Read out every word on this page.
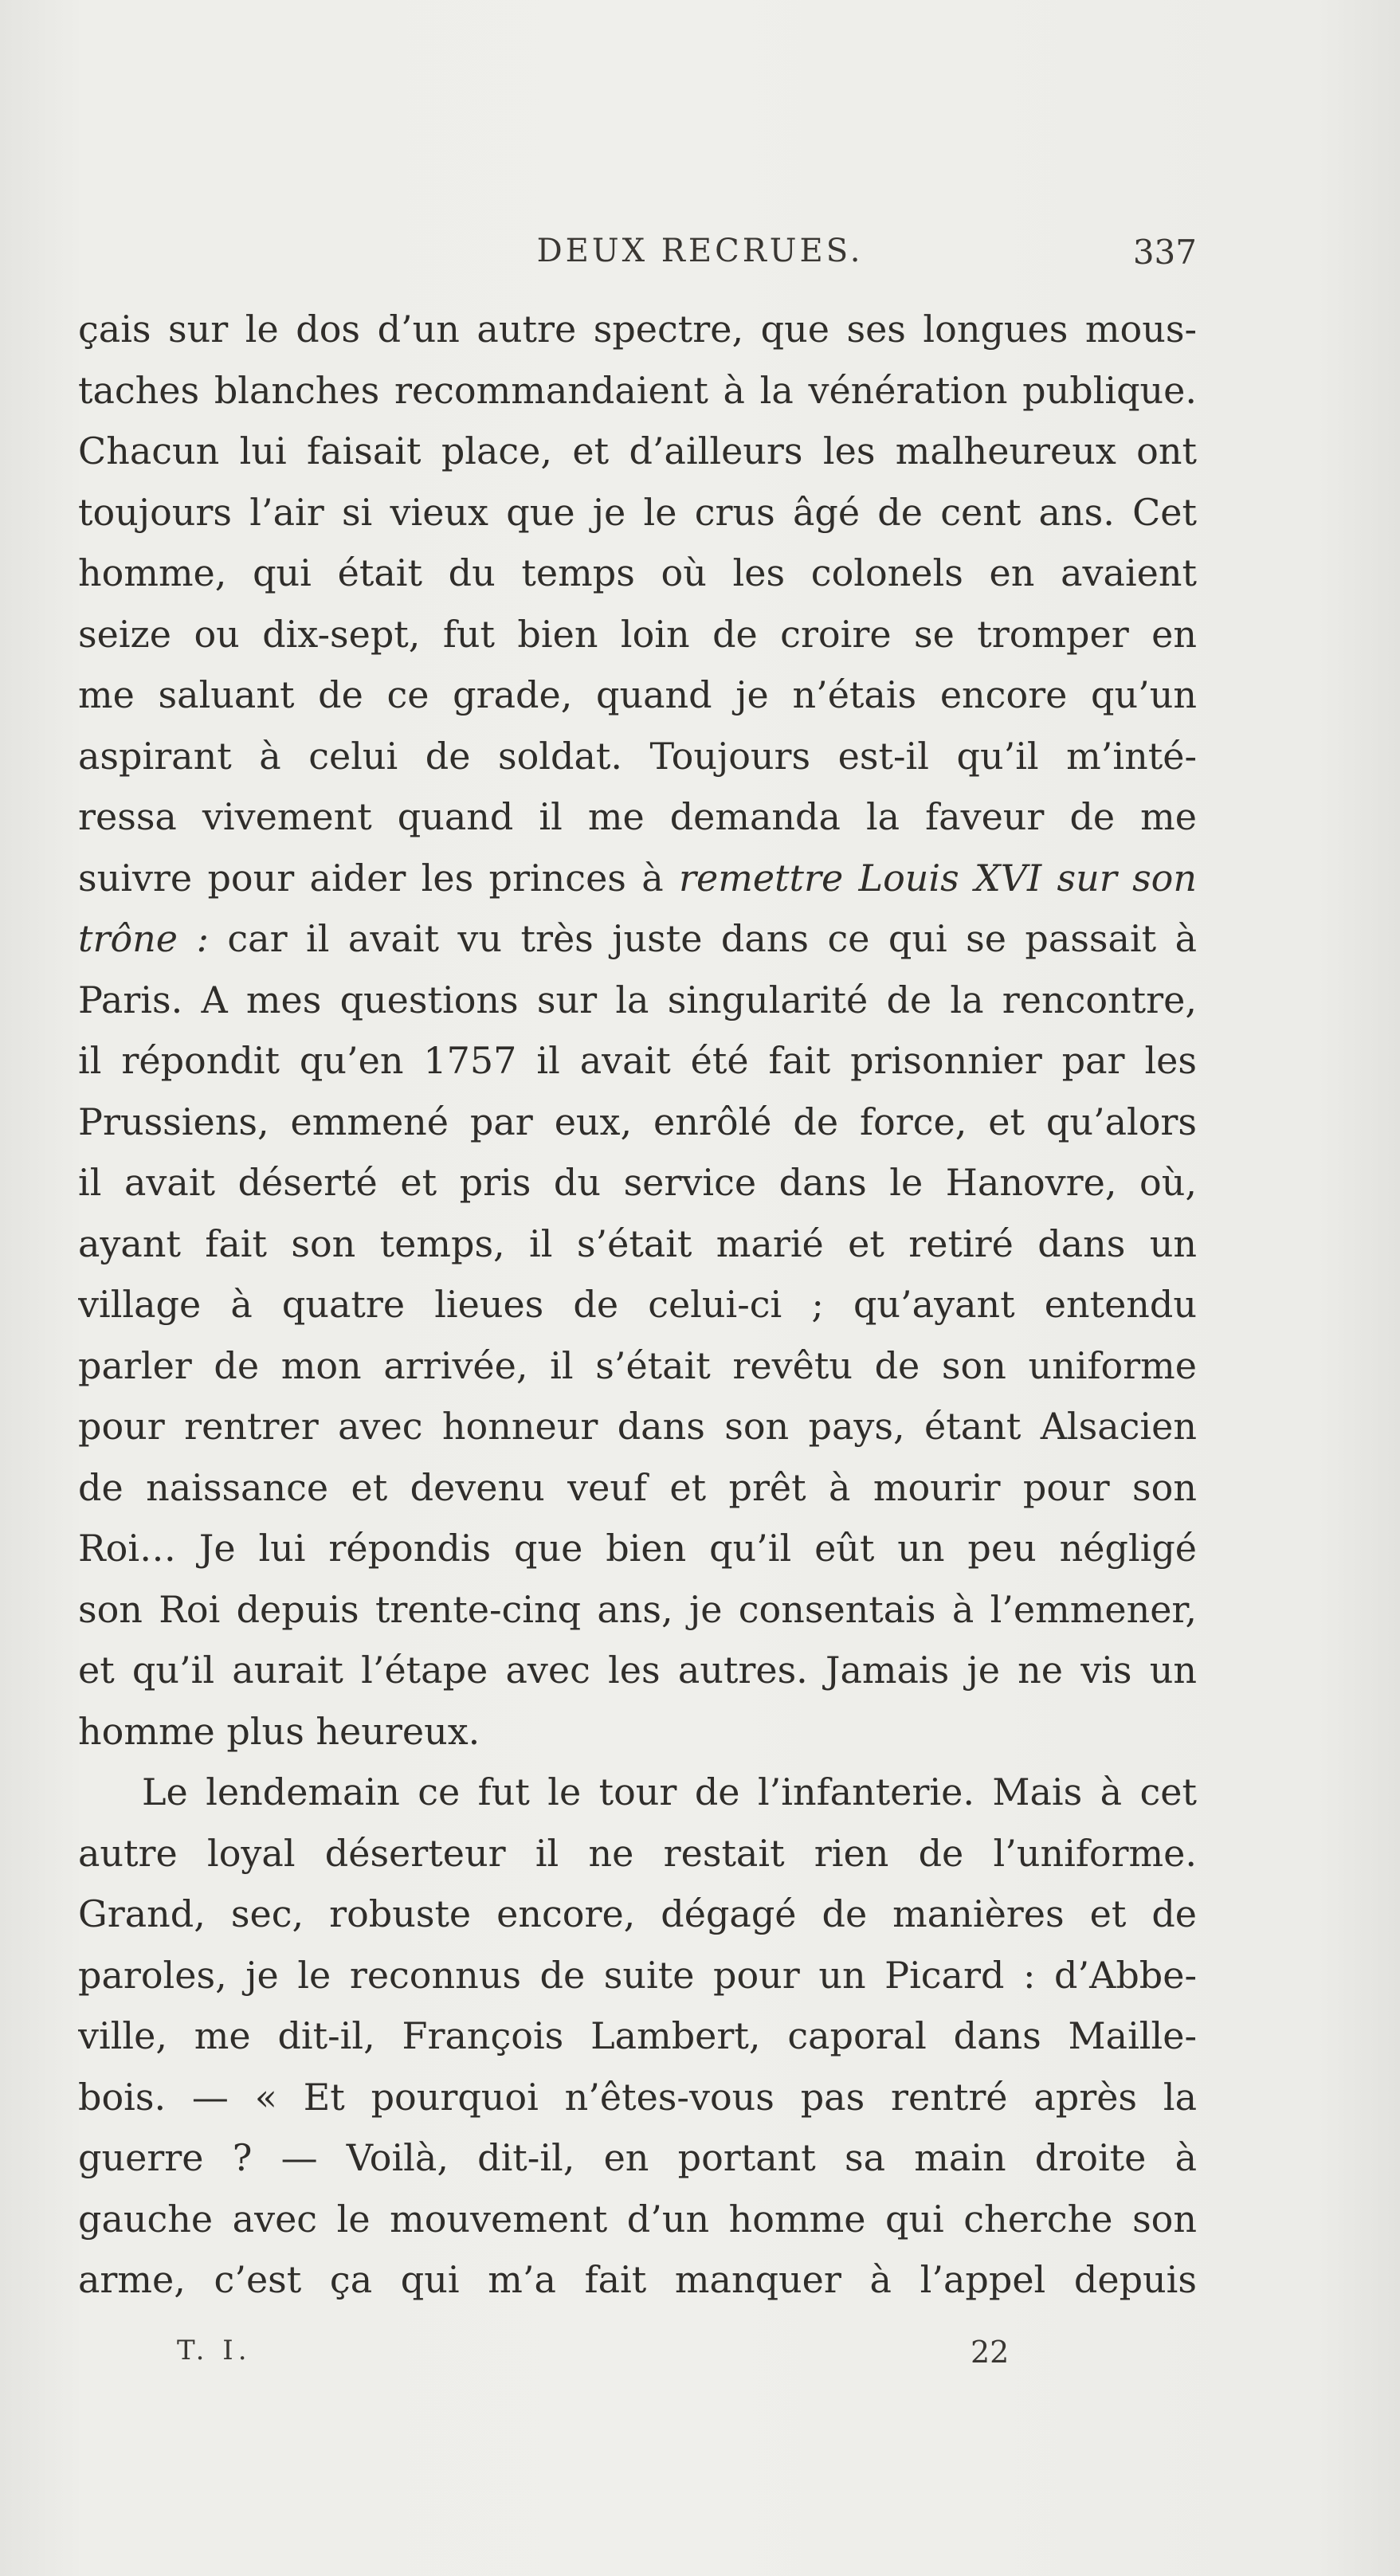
DEUX RECRUES.	337
çais sur le dos d’un autre spectre, que ses longues mous-
taches blanches recommandaient à la vénération publique.
Chacun lui faisait place, et d’ailleurs les malheureux ont
toujours l’air si vieux que je le crus âgé de cent ans. Cet
homme, qui était du temps où les colonels en avaient
seize ou dix-sept, fut bien loin de croire se tromper en
me saluant de ce grade, quand je n’étais encore qu’un
aspirant à celui de soldat. Toujours est-il qu’il m’inté-
ressa vivement quand il me demanda la faveur de me
suivre pour aider les princes à remettre Louis XVI sur son
trône : car il avait vu très juste dans ce qui se passait à
Paris. A mes questions sur la singularité de la rencontre,
il répondit qu’en 1757 il avait été fait prisonnier par les
Prussiens, emmené par eux, enrôlé de force, et qu’alors
il avait déserté et pris du service dans le Hanovre, où,
ayant fait son temps, il s’était marié et retiré dans un
village à quatre lieues de celui-ci ; qu’ayant entendu
parler de mon arrivée, il s’était revêtu de son uniforme
pour rentrer avec honneur dans son pays, étant Alsacien
de naissance et devenu veuf et prêt à mourir pour son
Roi… Je lui répondis que bien qu’il eût un peu négligé
son Roi depuis trente-cinq ans, je consentais à l’emmener,
et qu’il aurait l’étape avec les autres. Jamais je ne vis un
homme plus heureux.
Le lendemain ce fut le tour de l’infanterie. Mais à cet
autre loyal déserteur il ne restait rien de l’uniforme.
Grand, sec, robuste encore, dégagé de manières et de
paroles, je le reconnus de suite pour un Picard : d’Abbe-
ville, me dit-il, François Lambert, caporal dans Maille-
bois. — « Et pourquoi n’êtes-vous pas rentré après la
guerre ? — Voilà, dit-il, en portant sa main droite à
gauche avec le mouvement d’un homme qui cherche son
arme, c’est ça qui m’a fait manquer à l’appel depuis
T. I.	22
